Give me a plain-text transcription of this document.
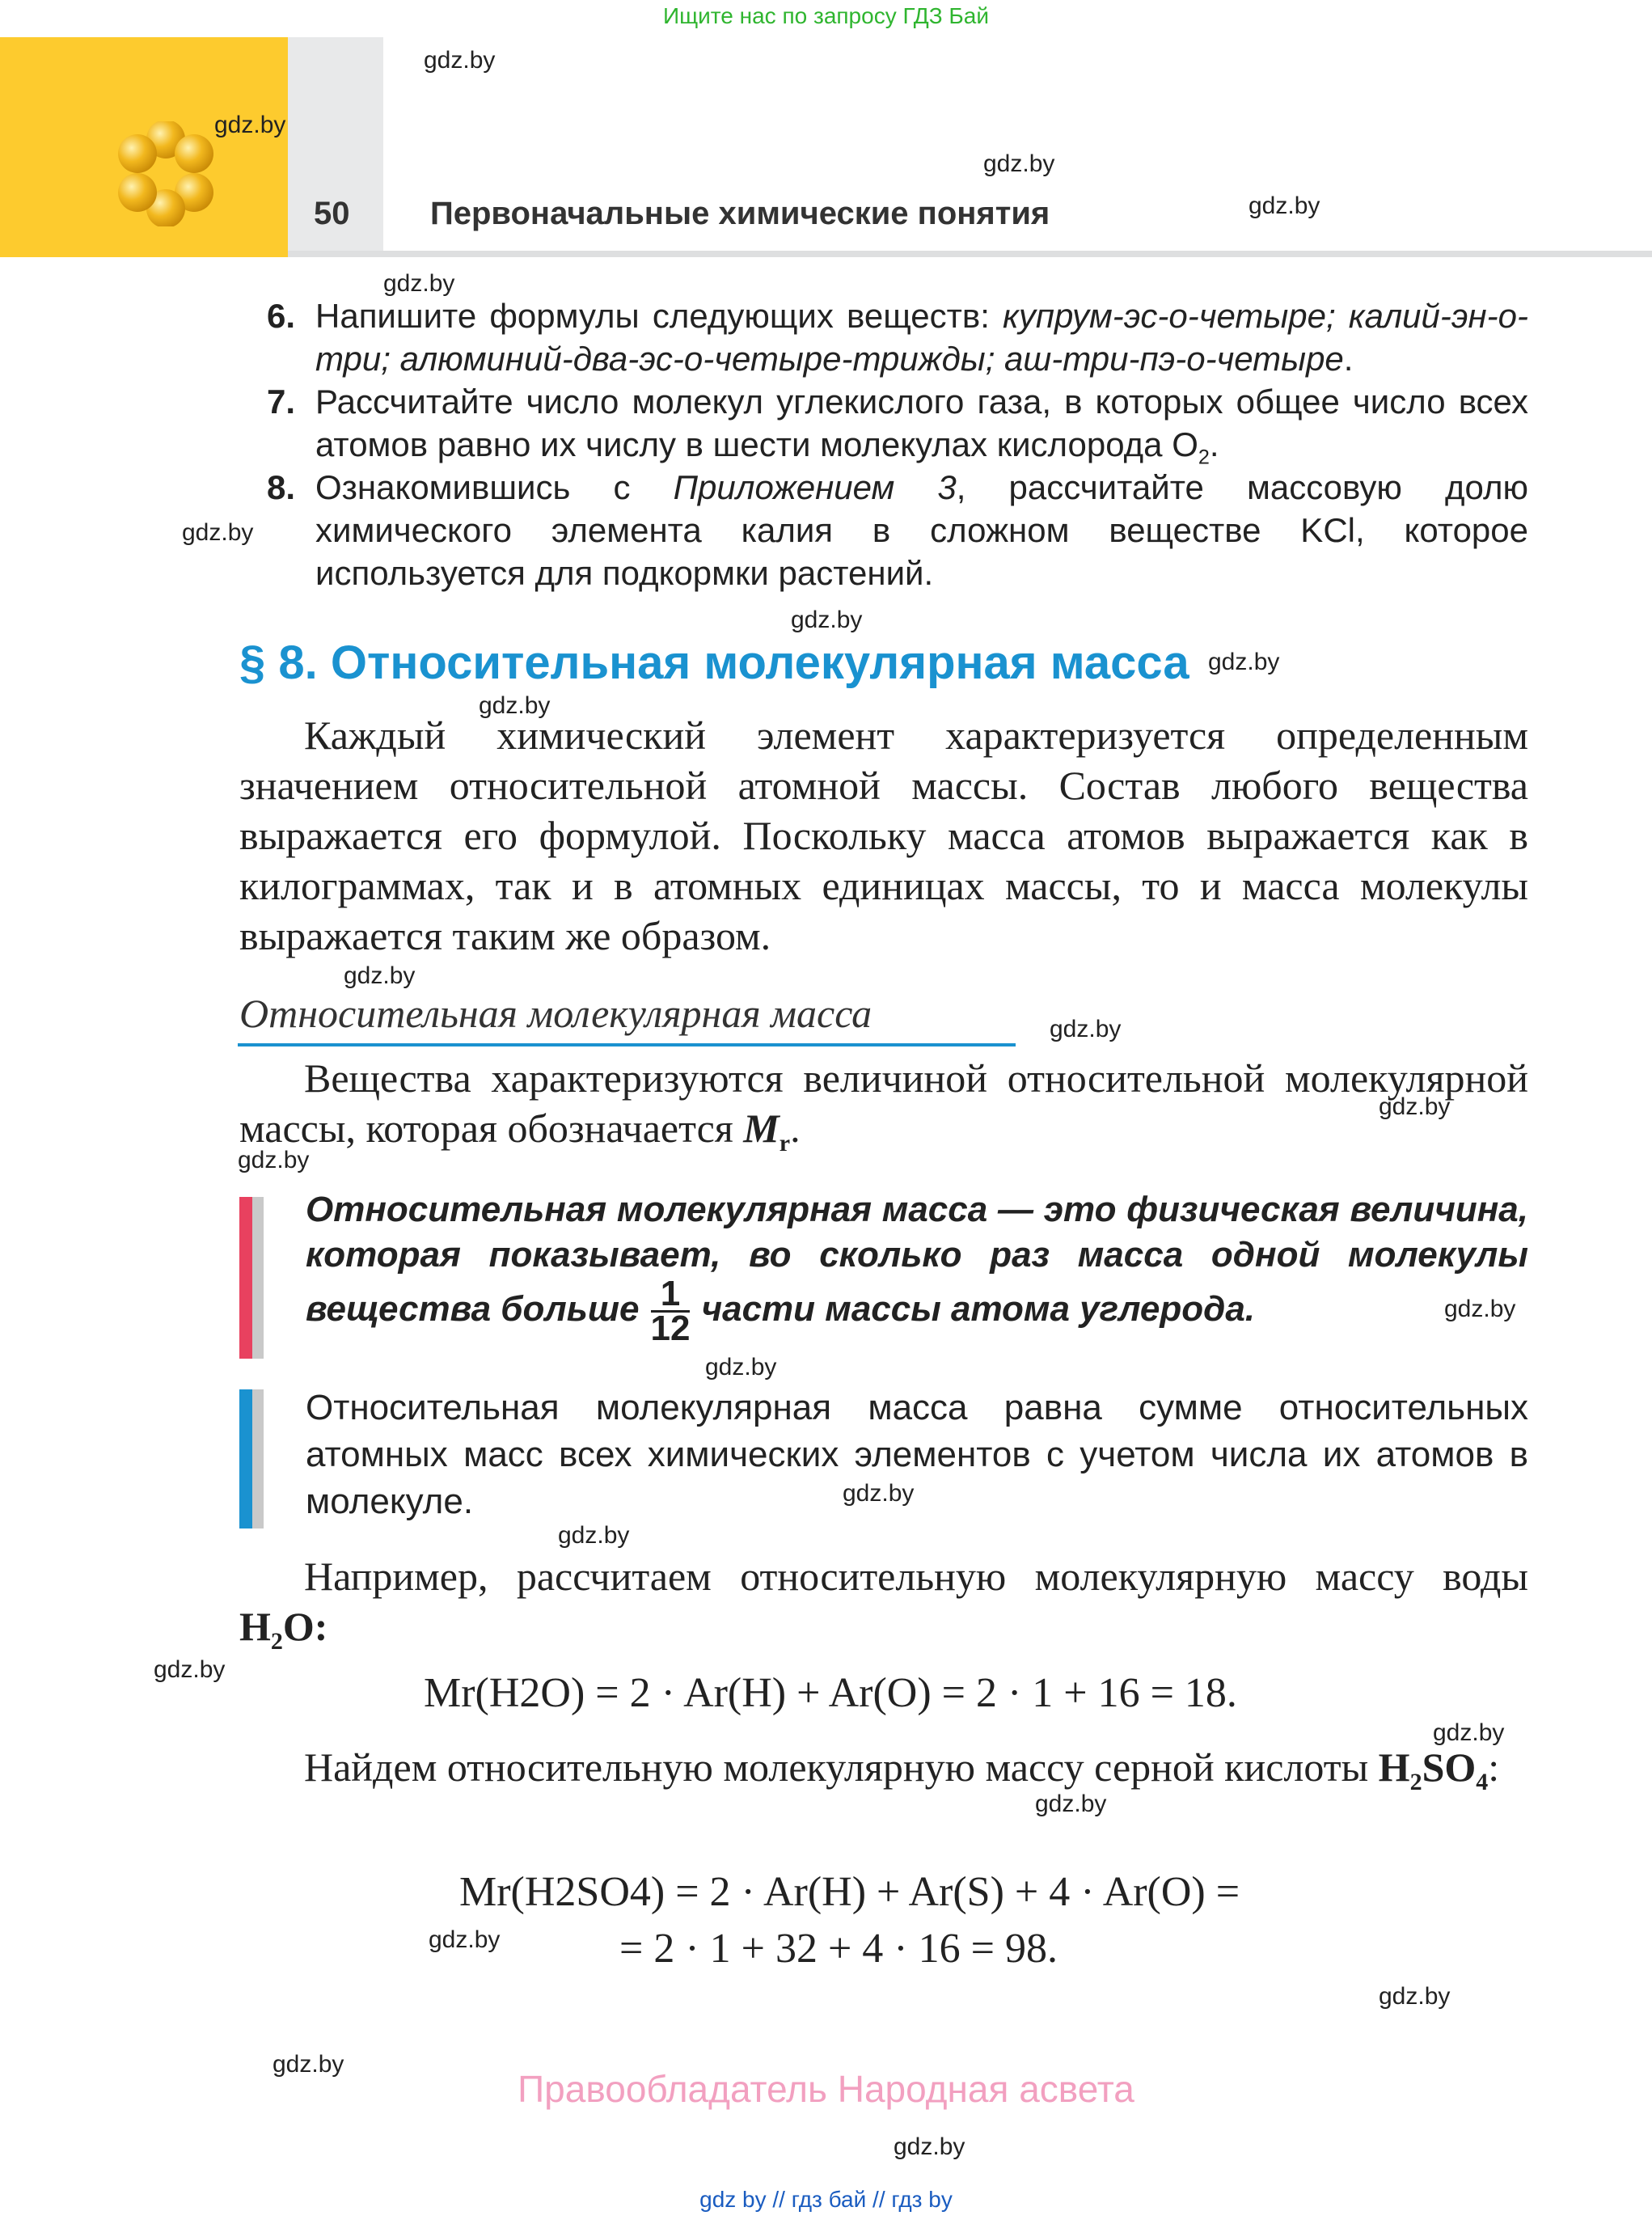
Ищите нас по запросу ГДЗ Бай
50 Первоначальные химические понятия
gdz.by
gdz.by
gdz.by
gdz.by
gdz.by
gdz.by
gdz.by
gdz.by
gdz.by
gdz.by
gdz.by
gdz.by
gdz.by
gdz.by
gdz.by
gdz.by
gdz.by
gdz.by
gdz.by
gdz.by
gdz.by
gdz.by
gdz.by
gdz.by
6. Напишите формулы следующих веществ: купрум-эс-о-четыре; калий-эн-о-три; алюминий-два-эс-о-четыре-трижды; аш-три-пэ-о-четыре.
7. Рассчитайте число молекул углекислого газа, в которых общее число всех атомов равно их числу в шести молекулах кислорода $O_2$.
8. Ознакомившись с Приложением 3, рассчитайте массовую долю химического элемента калия в сложном веществе KCl, которое используется для подкормки растений.
§ 8. Относительная молекулярная масса
Каждый химический элемент характеризуется определенным значением относительной атомной массы. Состав любого вещества выражается его формулой. Поскольку масса атомов выражается как в килограммах, так и в атомных единицах массы, то и масса молекулы выражается таким же образом.
Относительная молекулярная масса
Вещества характеризуются величиной относительной молекулярной массы, которая обозначается $M_r$.
Относительная молекулярная масса — это физическая величина, которая показывает, во сколько раз масса одной молекулы вещества больше $\frac{1}{12}$ части массы атома углерода.
Относительная молекулярная масса равна сумме относительных атомных масс всех химических элементов с учетом числа их атомов в молекуле.
Например, рассчитаем относительную молекулярную массу воды $H_2O$:
Mr(H2O) = 2 · Ar(H) + Ar(O) = 2 · 1 + 16 = 18.
Найдем относительную молекулярную массу серной кислоты $H_2SO_4$:
Mr(H2SO4) = 2 · Ar(H) + Ar(S) + 4 · Ar(O) =
= 2 · 1 + 32 + 4 · 16 = 98.
Правообладатель Народная асвета
gdz by // гдз бай // гдз by
